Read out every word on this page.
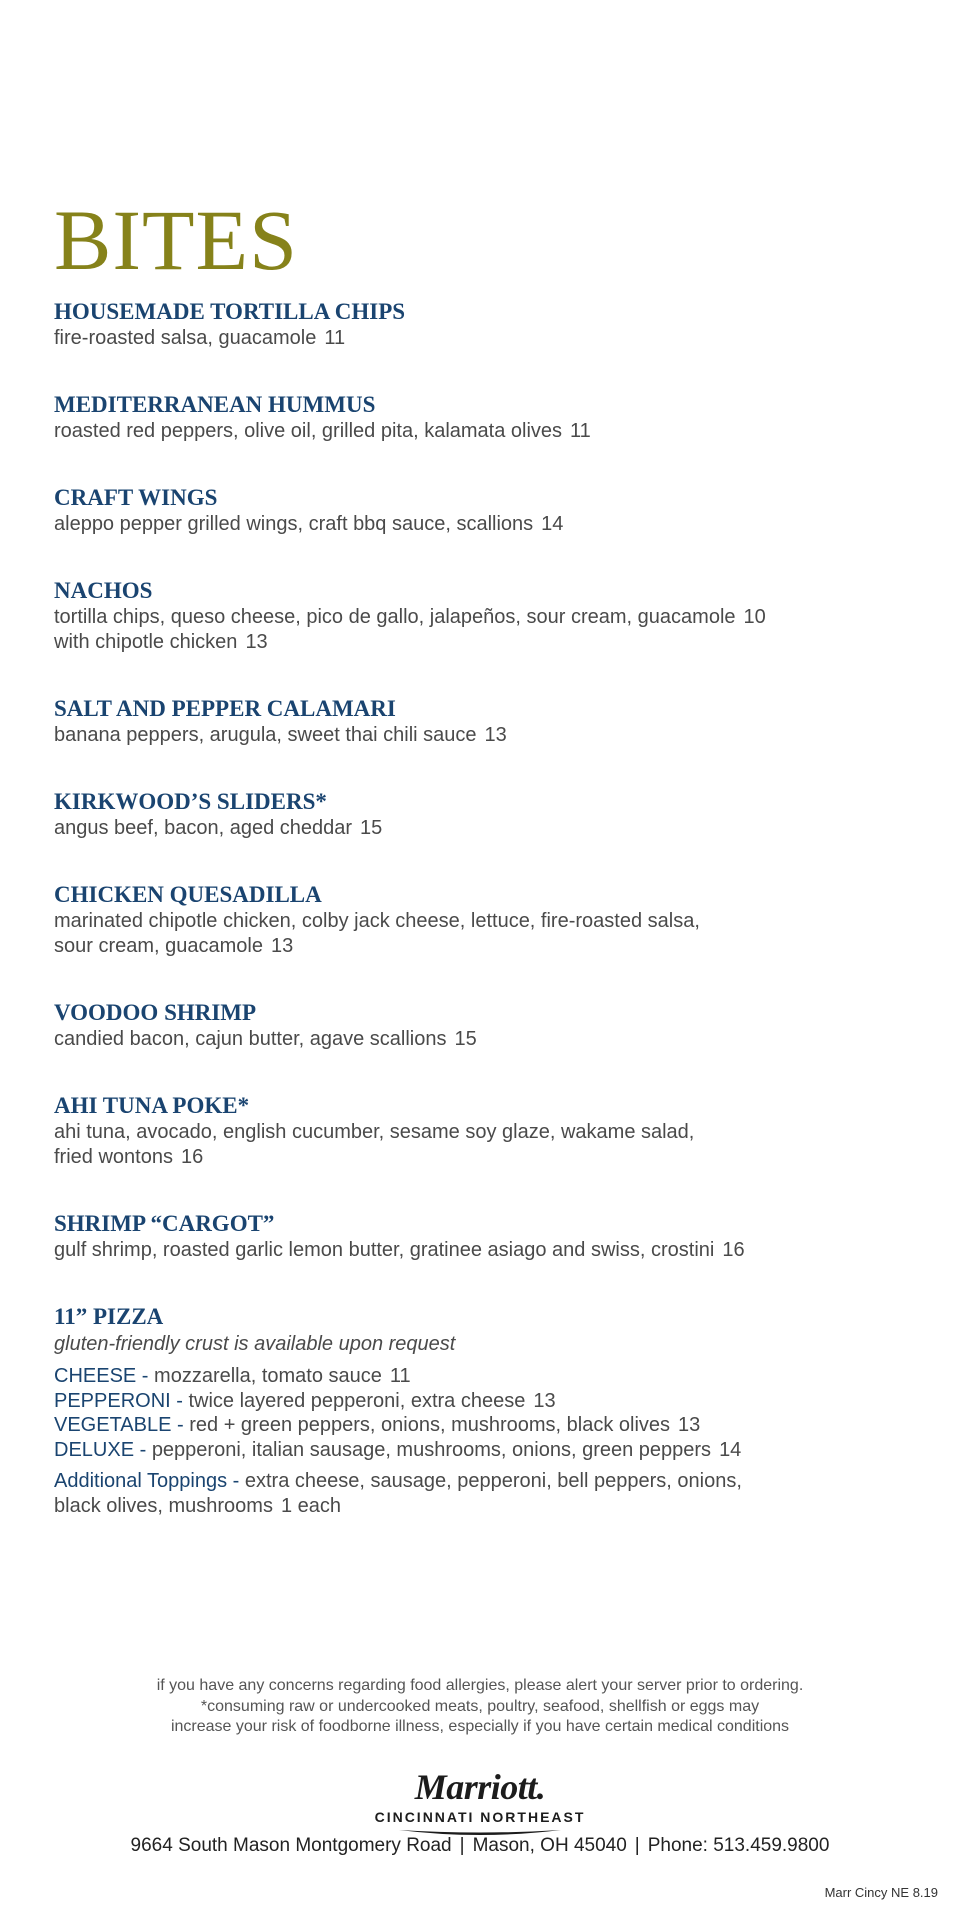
BITES
HOUSEMADE TORTILLA CHIPS
fire-roasted salsa, guacamole 11
MEDITERRANEAN HUMMUS
roasted red peppers, olive oil, grilled pita, kalamata olives 11
CRAFT WINGS
aleppo pepper grilled wings, craft bbq sauce, scallions 14
NACHOS
tortilla chips, queso cheese, pico de gallo, jalapeños, sour cream, guacamole 10
with chipotle chicken 13
SALT AND PEPPER CALAMARI
banana peppers, arugula, sweet thai chili sauce 13
KIRKWOOD’S SLIDERS*
angus beef, bacon, aged cheddar 15
CHICKEN QUESADILLA
marinated chipotle chicken, colby jack cheese, lettuce, fire-roasted salsa,
sour cream, guacamole 13
VOODOO SHRIMP
candied bacon, cajun butter, agave scallions 15
AHI TUNA POKE*
ahi tuna, avocado, english cucumber, sesame soy glaze, wakame salad,
fried wontons 16
SHRIMP “CARGOT”
gulf shrimp, roasted garlic lemon butter, gratinee asiago and swiss, crostini 16
11” PIZZA
gluten-friendly crust is available upon request
CHEESE - mozzarella, tomato sauce 11
PEPPERONI - twice layered pepperoni, extra cheese 13
VEGETABLE - red + green peppers, onions, mushrooms, black olives 13
DELUXE - pepperoni, italian sausage, mushrooms, onions, green peppers 14
Additional Toppings - extra cheese, sausage, pepperoni, bell peppers, onions,
black olives, mushrooms 1 each
if you have any concerns regarding food allergies, please alert your server prior to ordering.
*consuming raw or undercooked meats, poultry, seafood, shellfish or eggs may
increase your risk of foodborne illness, especially if you have certain medical conditions
Marriott.
CINCINNATI NORTHEAST
9664 South Mason Montgomery Road | Mason, OH 45040 | Phone: 513.459.9800
Marr Cincy NE 8.19
